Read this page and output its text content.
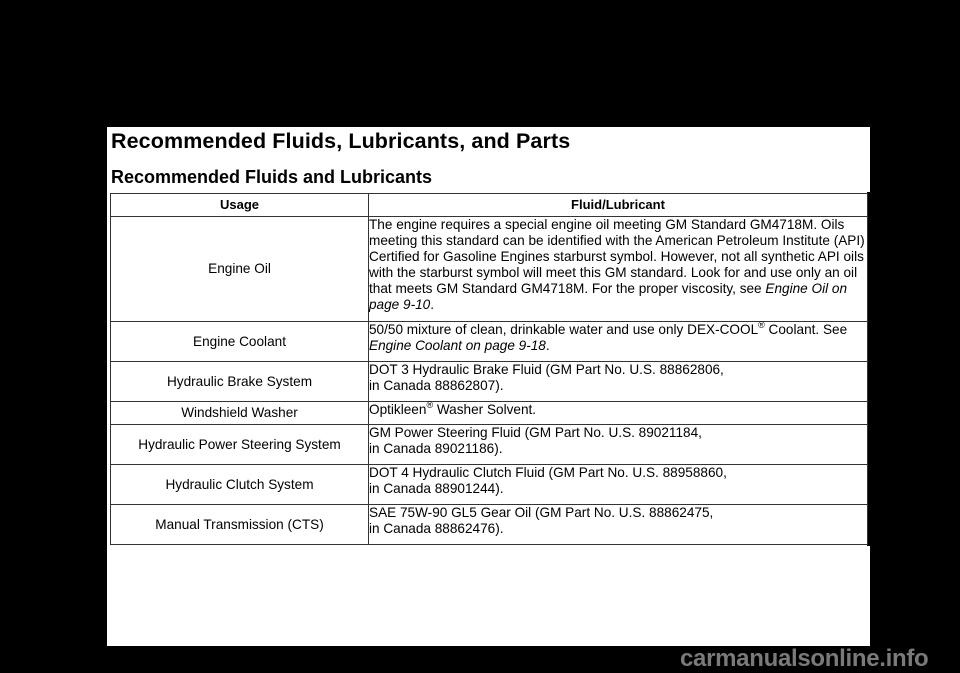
Recommended Fluids, Lubricants, and Parts
Recommended Fluids and Lubricants
Usage	Fluid/Lubricant
Engine Oil	The engine requires a special engine oil meeting GM Standard GM4718M. Oils meeting this standard can be identified with the American Petroleum Institute (API) Certified for Gasoline Engines starburst symbol. However, not all synthetic API oils with the starburst symbol will meet this GM standard. Look for and use only an oil that meets GM Standard GM4718M. For the proper viscosity, see Engine Oil on page 9-10.
Engine Coolant	50/50 mixture of clean, drinkable water and use only DEX-COOL® Coolant. See Engine Coolant on page 9-18.
Hydraulic Brake System	DOT 3 Hydraulic Brake Fluid (GM Part No. U.S. 88862806,
in Canada 88862807).

Windshield Washer	Optikleen® Washer Solvent.
Hydraulic Power Steering System	GM Power Steering Fluid (GM Part No. U.S. 89021184,
in Canada 89021186).

Hydraulic Clutch System	DOT 4 Hydraulic Clutch Fluid (GM Part No. U.S. 88958860,
in Canada 88901244).

Manual Transmission (CTS)	SAE 75W-90 GL5 Gear Oil (GM Part No. U.S. 88862475,
in Canada 88862476).
carmanualsonline.info
